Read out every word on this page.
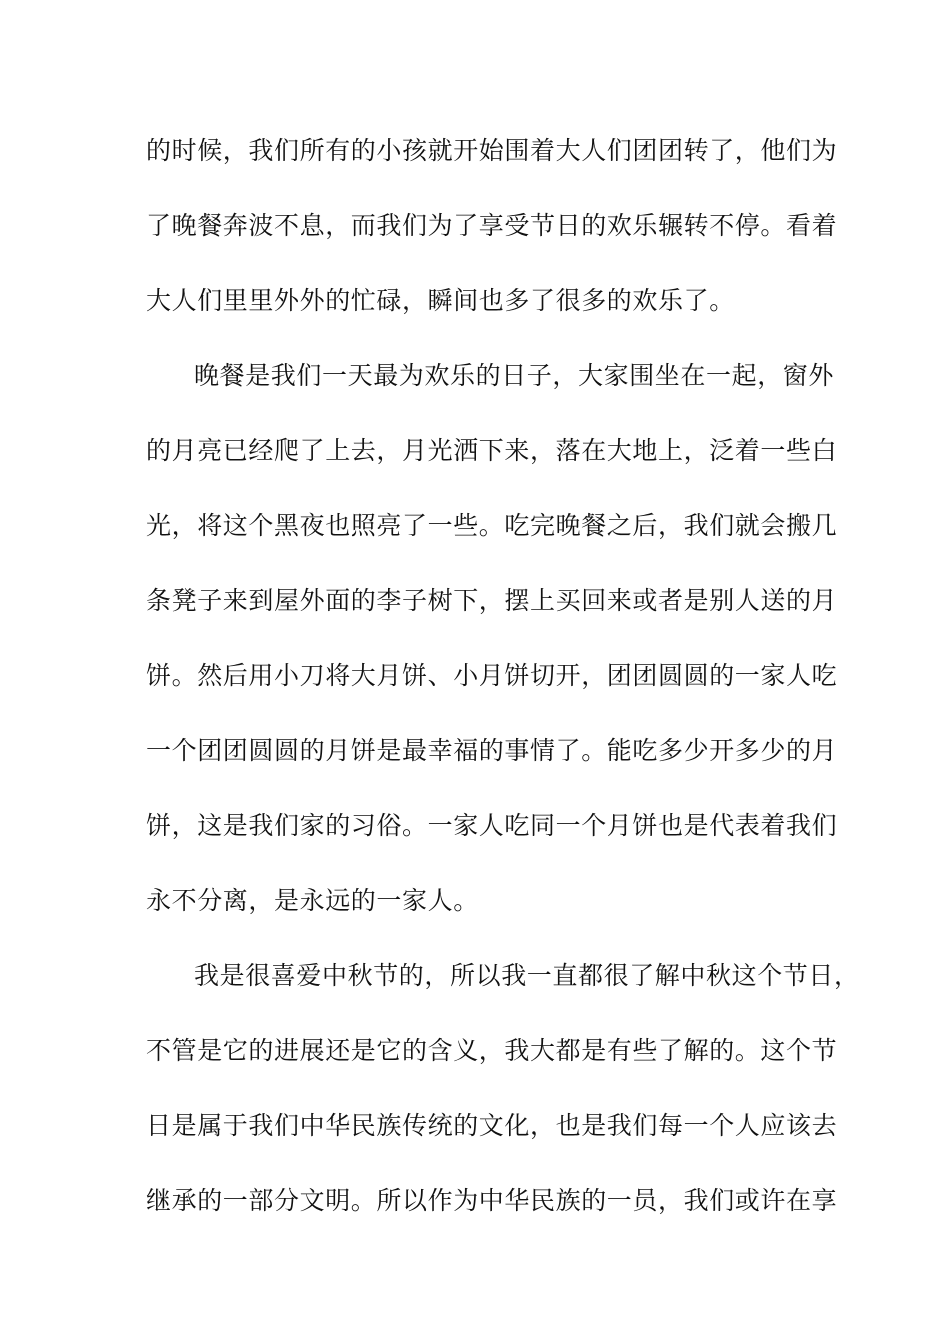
的时候，我们所有的小孩就开始围着大人们团团转了，他们为

了晚餐奔波不息，而我们为了享受节日的欢乐辗转不停。看着

大人们里里外外的忙碌，瞬间也多了很多的欢乐了。

晚餐是我们一天最为欢乐的日子，大家围坐在一起，窗外

的月亮已经爬了上去，月光洒下来，落在大地上，泛着一些白

光，将这个黑夜也照亮了一些。吃完晚餐之后，我们就会搬几

条凳子来到屋外面的李子树下，摆上买回来或者是别人送的月

饼。然后用小刀将大月饼、小月饼切开，团团圆圆的一家人吃

一个团团圆圆的月饼是最幸福的事情了。能吃多少开多少的月

饼，这是我们家的习俗。一家人吃同一个月饼也是代表着我们

永不分离，是永远的一家人。

我是很喜爱中秋节的，所以我一直都很了解中秋这个节日，

不管是它的进展还是它的含义，我大都是有些了解的。这个节

日是属于我们中华民族传统的文化，也是我们每一个人应该去

继承的一部分文明。所以作为中华民族的一员，我们或许在享
